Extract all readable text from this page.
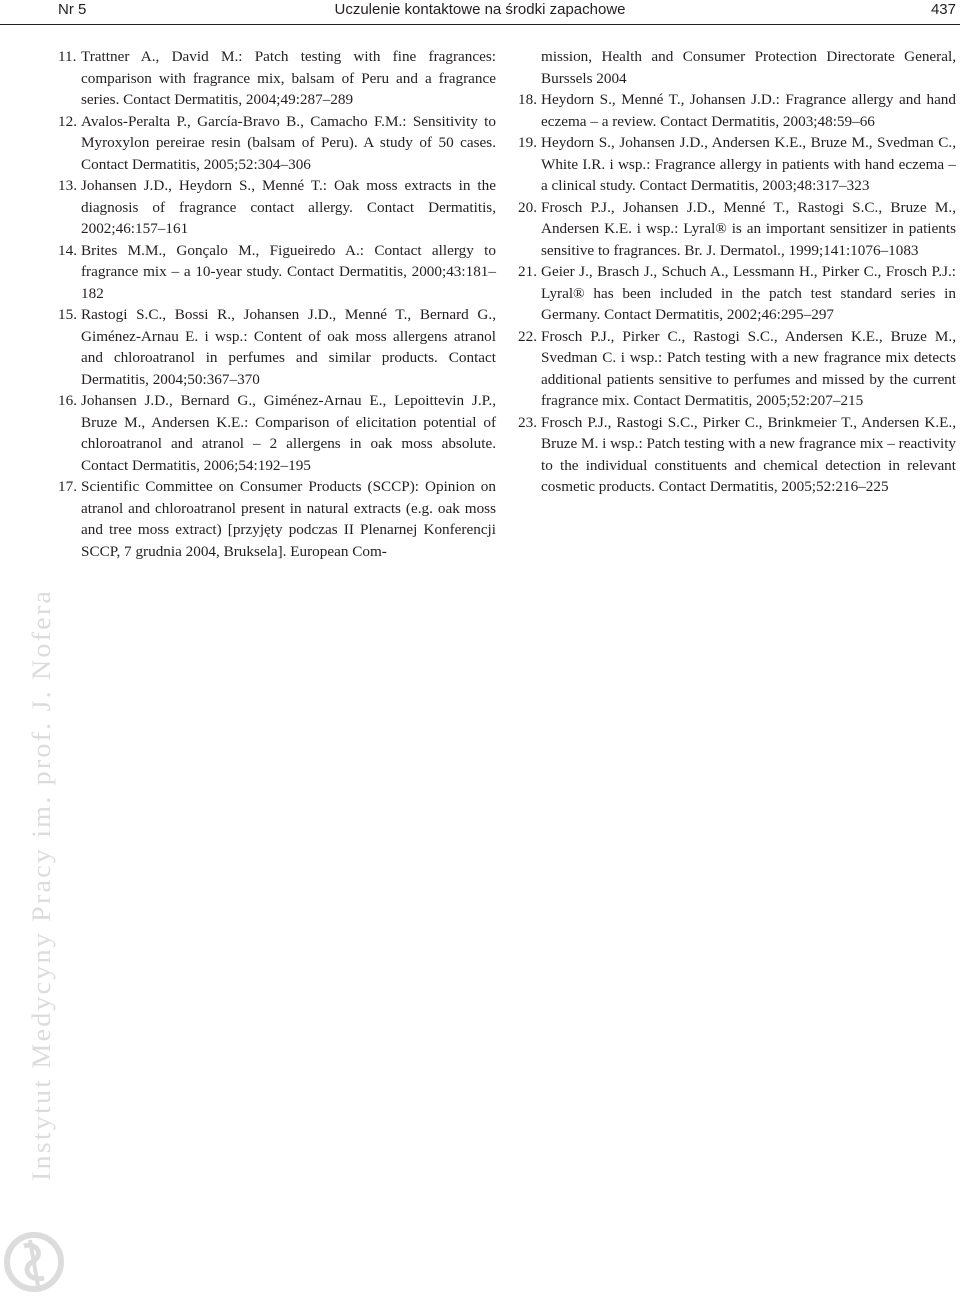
Nr 5	Uczulenie kontaktowe na środki zapachowe	437
11. Trattner A., David M.: Patch testing with fine fragrances: comparison with fragrance mix, balsam of Peru and a fragrance series. Contact Dermatitis, 2004;49:287–289
12. Avalos-Peralta P., García-Bravo B., Camacho F.M.: Sensitivity to Myroxylon pereirae resin (balsam of Peru). A study of 50 cases. Contact Dermatitis, 2005;52:304–306
13. Johansen J.D., Heydorn S., Menné T.: Oak moss extracts in the diagnosis of fragrance contact allergy. Contact Dermatitis, 2002;46:157–161
14. Brites M.M., Gonçalo M., Figueiredo A.: Contact allergy to fragrance mix – a 10-year study. Contact Dermatitis, 2000;43:181–182
15. Rastogi S.C., Bossi R., Johansen J.D., Menné T., Bernard G., Giménez-Arnau E. i wsp.: Content of oak moss allergens atranol and chloroatranol in perfumes and similar products. Contact Dermatitis, 2004;50:367–370
16. Johansen J.D., Bernard G., Giménez-Arnau E., Lepoittevin J.P., Bruze M., Andersen K.E.: Comparison of elicitation potential of chloroatranol and atranol – 2 allergens in oak moss absolute. Contact Dermatitis, 2006;54:192–195
17. Scientific Committee on Consumer Products (SCCP): Opinion on atranol and chloroatranol present in natural extracts (e.g. oak moss and tree moss extract) [przyjęty podczas II Plenarnej Konferencji SCCP, 7 grudnia 2004, Bruksela]. European Com-
mission, Health and Consumer Protection Directorate General, Burssels 2004
18. Heydorn S., Menné T., Johansen J.D.: Fragrance allergy and hand eczema – a review. Contact Dermatitis, 2003;48:59–66
19. Heydorn S., Johansen J.D., Andersen K.E., Bruze M., Svedman C., White I.R. i wsp.: Fragrance allergy in patients with hand eczema – a clinical study. Contact Dermatitis, 2003;48:317–323
20. Frosch P.J., Johansen J.D., Menné T., Rastogi S.C., Bruze M., Andersen K.E. i wsp.: Lyral® is an important sensitizer in patients sensitive to fragrances. Br. J. Dermatol., 1999;141:1076–1083
21. Geier J., Brasch J., Schuch A., Lessmann H., Pirker C., Frosch P.J.: Lyral® has been included in the patch test standard series in Germany. Contact Dermatitis, 2002;46:295–297
22. Frosch P.J., Pirker C., Rastogi S.C., Andersen K.E., Bruze M., Svedman C. i wsp.: Patch testing with a new fragrance mix detects additional patients sensitive to perfumes and missed by the current fragrance mix. Contact Dermatitis, 2005;52:207–215
23. Frosch P.J., Rastogi S.C., Pirker C., Brinkmeier T., Andersen K.E., Bruze M. i wsp.: Patch testing with a new fragrance mix – reactivity to the individual constituents and chemical detection in relevant cosmetic products. Contact Dermatitis, 2005;52:216–225
Instytut Medycyny Pracy im. prof. J. Nofera
